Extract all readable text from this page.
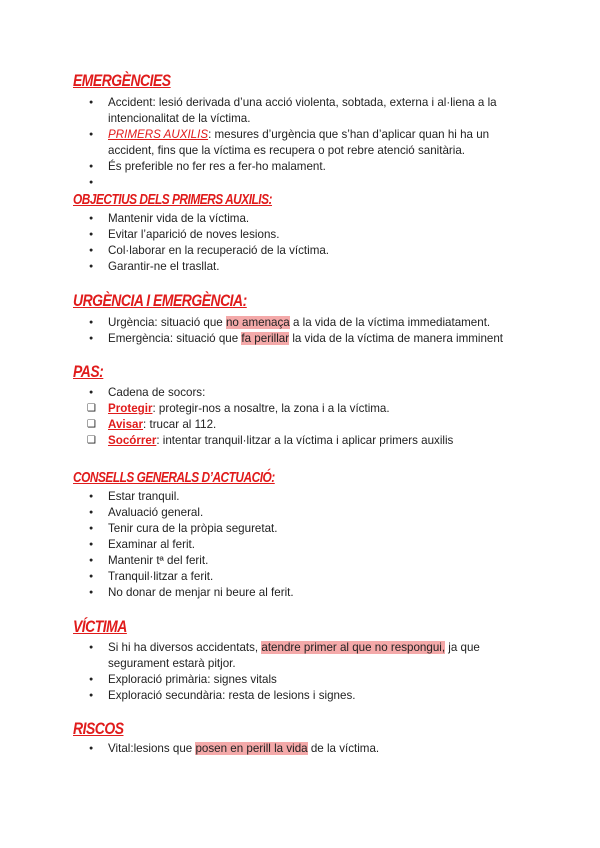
EMERGÈNCIES
● Accident: lesió derivada d’una acció violenta, sobtada, externa i al·liena a la intencionalitat de la víctima.
● PRIMERS AUXILIS: mesures d’urgència que s’han d’aplicar quan hi ha un accident, fins que la víctima es recupera o pot rebre atenció sanitària.
● És preferible no fer res a fer-ho malament.
OBJECTIUS DELS PRIMERS AUXILIS:
● Mantenir vida de la víctima.
● Evitar l’aparició de noves lesions.
● Col·laborar en la recuperació de la víctima.
● Garantir-ne el trasllat.
URGÈNCIA I EMERGÈNCIA:
● Urgència: situació que no amenaça a la vida de la víctima immediatament.
● Emergència: situació que fa perillar la vida de la víctima de manera imminent
PAS:
● Cadena de socors:
❑ Protegir: protegir-nos a nosaltre, la zona i a la víctima.
❑ Avisar: trucar al 112.
❑ Socórrer: intentar tranquil·litzar a la víctima i aplicar primers auxilis
CONSELLS GENERALS D’ACTUACIÓ:
● Estar tranquil.
● Avaluació general.
● Tenir cura de la pròpia seguretat.
● Examinar al ferit.
● Mantenir tª del ferit.
● Tranquil·litzar a ferit.
● No donar de menjar ni beure al ferit.
VÍCTIMA
● Si hi ha diversos accidentats, atendre primer al que no respongui, ja que segurament estarà pitjor.
● Exploració primària: signes vitals
● Exploració secundària: resta de lesions i signes.
RISCOS
● Vital:lesions que posen en perill la vida de la víctima.
